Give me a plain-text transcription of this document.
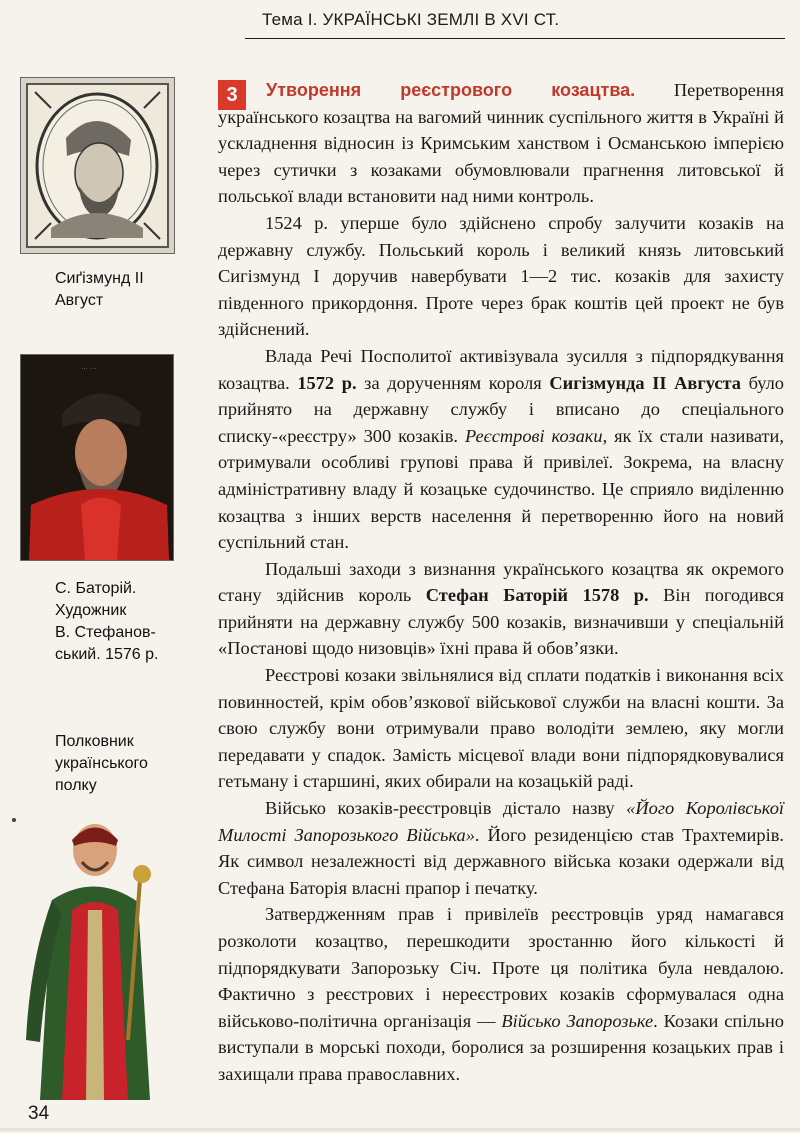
Тема I. УКРАЇНСЬКІ ЗЕМЛІ В XVI СТ.
Сиґізмунд II
Август
··· ···
С. Баторій.
Художник
В. Стефанов-
ський. 1576 р.
Полковник
українського
полку
3	Утворення реєстрового козацтва. Перетворення українського козацтва на вагомий чинник суспільного життя в Україні й ускладнення відносин із Кримським ханством і Османською імперією через сутички з козаками обумовлювали прагнення литовської й польської влади встановити над ними контроль.

1524 р. уперше було здійснено спробу залучити козаків на державну службу. Польський король і великий князь литовський Сигізмунд I доручив навербувати 1—2 тис. козаків для захисту південного прикордоння. Проте через брак коштів цей проект не був здійснений.

Влада Речі Посполитої активізувала зусилля з підпорядкування козацтва. 1572 р. за дорученням короля Сигізмунда II Августа було прийнято на державну службу і вписано до спеціального списку-«реєстру» 300 козаків. Реєстрові козаки, як їх стали називати, отримували особливі групові права й привілеї. Зокрема, на власну адміністративну владу й козацьке судочинство. Це сприяло виділенню козацтва з інших верств населення й перетворенню його на новий суспільний стан.

Подальші заходи з визнання українського козацтва як окремого стану здійснив король Стефан Баторій 1578 р. Він погодився прийняти на державну службу 500 козаків, визначивши у спеціальній «Постанові щодо низовців» їхні права й обов’язки.

Реєстрові козаки звільнялися від сплати податків і виконання всіх повинностей, крім обов’язкової військової служби на власні кошти. За свою службу вони отримували право володіти землею, яку могли передавати у спадок. Замість місцевої влади вони підпорядковувалися гетьману і старшині, яких обирали на козацькій раді.

Військо козаків-реєстровців дістало назву «Його Королівської Милості Запорозького Війська». Його резиденцією став Трахтемирів. Як символ незалежності від державного війська козаки одержали від Стефана Баторія власні прапор і печатку.

Затвердженням прав і привілеїв реєстровців уряд намагався розколоти козацтво, перешкодити зростанню його кількості й підпорядкувати Запорозьку Січ. Проте ця політика була невдалою. Фактично з реєстрових і нереєстрових козаків сформувалася одна військово-політична організація — Військо Запорозьке. Козаки спільно виступали в морські походи, боролися за розширення козацьких прав і захищали права православних.

34
